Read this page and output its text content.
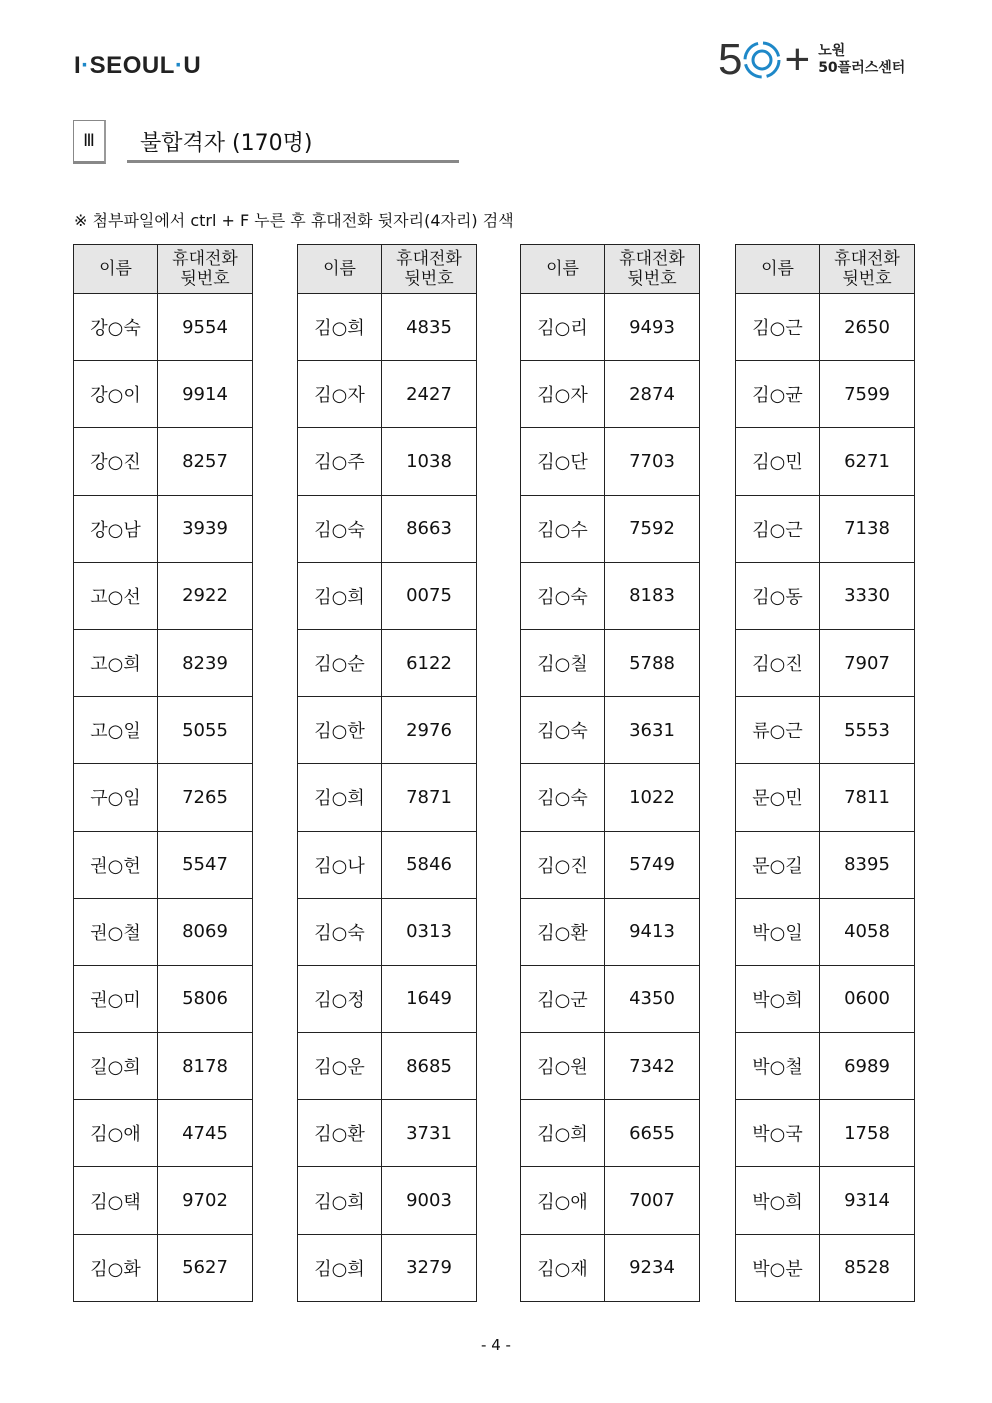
I·SEOUL·U	5 + 노원
50플러스센터
Ⅲ	불합격자 (170명)
※ 첨부파일에서 ctrl + F 누른 후 휴대전화 뒷자리(4자리) 검색
이름	휴대전화
뒷번호

강○숙	9554
강○이	9914
강○진	8257
강○남	3939
고○선	2922
고○희	8239
고○일	5055
구○임	7265
권○헌	5547
권○철	8069
권○미	5806
길○희	8178
김○애	4745
김○택	9702
김○화	5627
이름	휴대전화
뒷번호

김○희	4835
김○자	2427
김○주	1038
김○숙	8663
김○희	0075
김○순	6122
김○한	2976
김○희	7871
김○나	5846
김○숙	0313
김○정	1649
김○운	8685
김○환	3731
김○희	9003
김○희	3279
이름	휴대전화
뒷번호

김○리	9493
김○자	2874
김○단	7703
김○수	7592
김○숙	8183
김○칠	5788
김○숙	3631
김○숙	1022
김○진	5749
김○환	9413
김○군	4350
김○원	7342
김○희	6655
김○애	7007
김○재	9234
이름	휴대전화
뒷번호

김○근	2650
김○균	7599
김○민	6271
김○근	7138
김○동	3330
김○진	7907
류○근	5553
문○민	7811
문○길	8395
박○일	4058
박○희	0600
박○철	6989
박○국	1758
박○희	9314
박○분	8528
- 4 -
